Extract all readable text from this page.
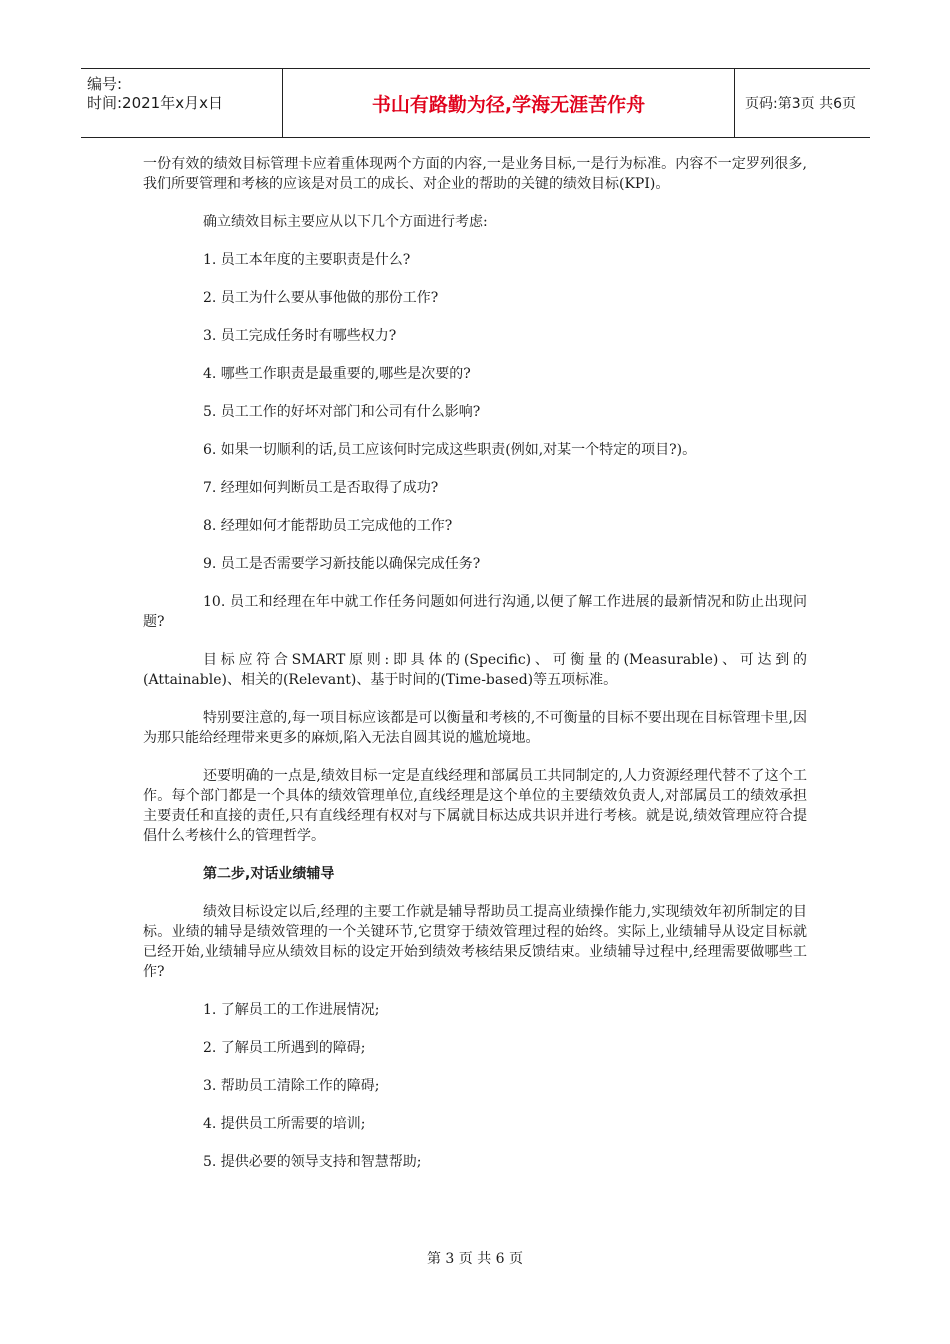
编号:
时间:2021年x月x日	书山有路勤为径,学海无涯苦作舟	页码:第3页 共6页

一份有效的绩效目标管理卡应着重体现两个方面的内容,一是业务目标,一是行为标准。内容不一定罗列很多,我们所要管理和考核的应该是对员工的成长、对企业的帮助的关键的绩效目标(KPI)。

确立绩效目标主要应从以下几个方面进行考虑:

1. 员工本年度的主要职责是什么?

2. 员工为什么要从事他做的那份工作?

3. 员工完成任务时有哪些权力?

4. 哪些工作职责是最重要的,哪些是次要的?

5. 员工工作的好坏对部门和公司有什么影响?

6. 如果一切顺利的话,员工应该何时完成这些职责(例如,对某一个特定的项目?)。

7. 经理如何判断员工是否取得了成功?

8. 经理如何才能帮助员工完成他的工作?

9. 员工是否需要学习新技能以确保完成任务?

10. 员工和经理在年中就工作任务问题如何进行沟通,以便了解工作进展的最新情况和防止出现问题?

目标应符合SMART原则:即具体的(Specific)、可衡量的(Measurable)、可达到的(Attainable)、相关的(Relevant)、基于时间的(Time-based)等五项标准。

特别要注意的,每一项目标应该都是可以衡量和考核的,不可衡量的目标不要出现在目标管理卡里,因为那只能给经理带来更多的麻烦,陷入无法自圆其说的尴尬境地。

还要明确的一点是,绩效目标一定是直线经理和部属员工共同制定的,人力资源经理代替不了这个工作。每个部门都是一个具体的绩效管理单位,直线经理是这个单位的主要绩效负责人,对部属员工的绩效承担主要责任和直接的责任,只有直线经理有权对与下属就目标达成共识并进行考核。就是说,绩效管理应符合提倡什么考核什么的管理哲学。

第二步,对话业绩辅导

绩效目标设定以后,经理的主要工作就是辅导帮助员工提高业绩操作能力,实现绩效年初所制定的目标。业绩的辅导是绩效管理的一个关键环节,它贯穿于绩效管理过程的始终。实际上,业绩辅导从设定目标就已经开始,业绩辅导应从绩效目标的设定开始到绩效考核结果反馈结束。业绩辅导过程中,经理需要做哪些工作?

1. 了解员工的工作进展情况;

2. 了解员工所遇到的障碍;

3. 帮助员工清除工作的障碍;

4. 提供员工所需要的培训;

5. 提供必要的领导支持和智慧帮助;

第 3 页 共 6 页
